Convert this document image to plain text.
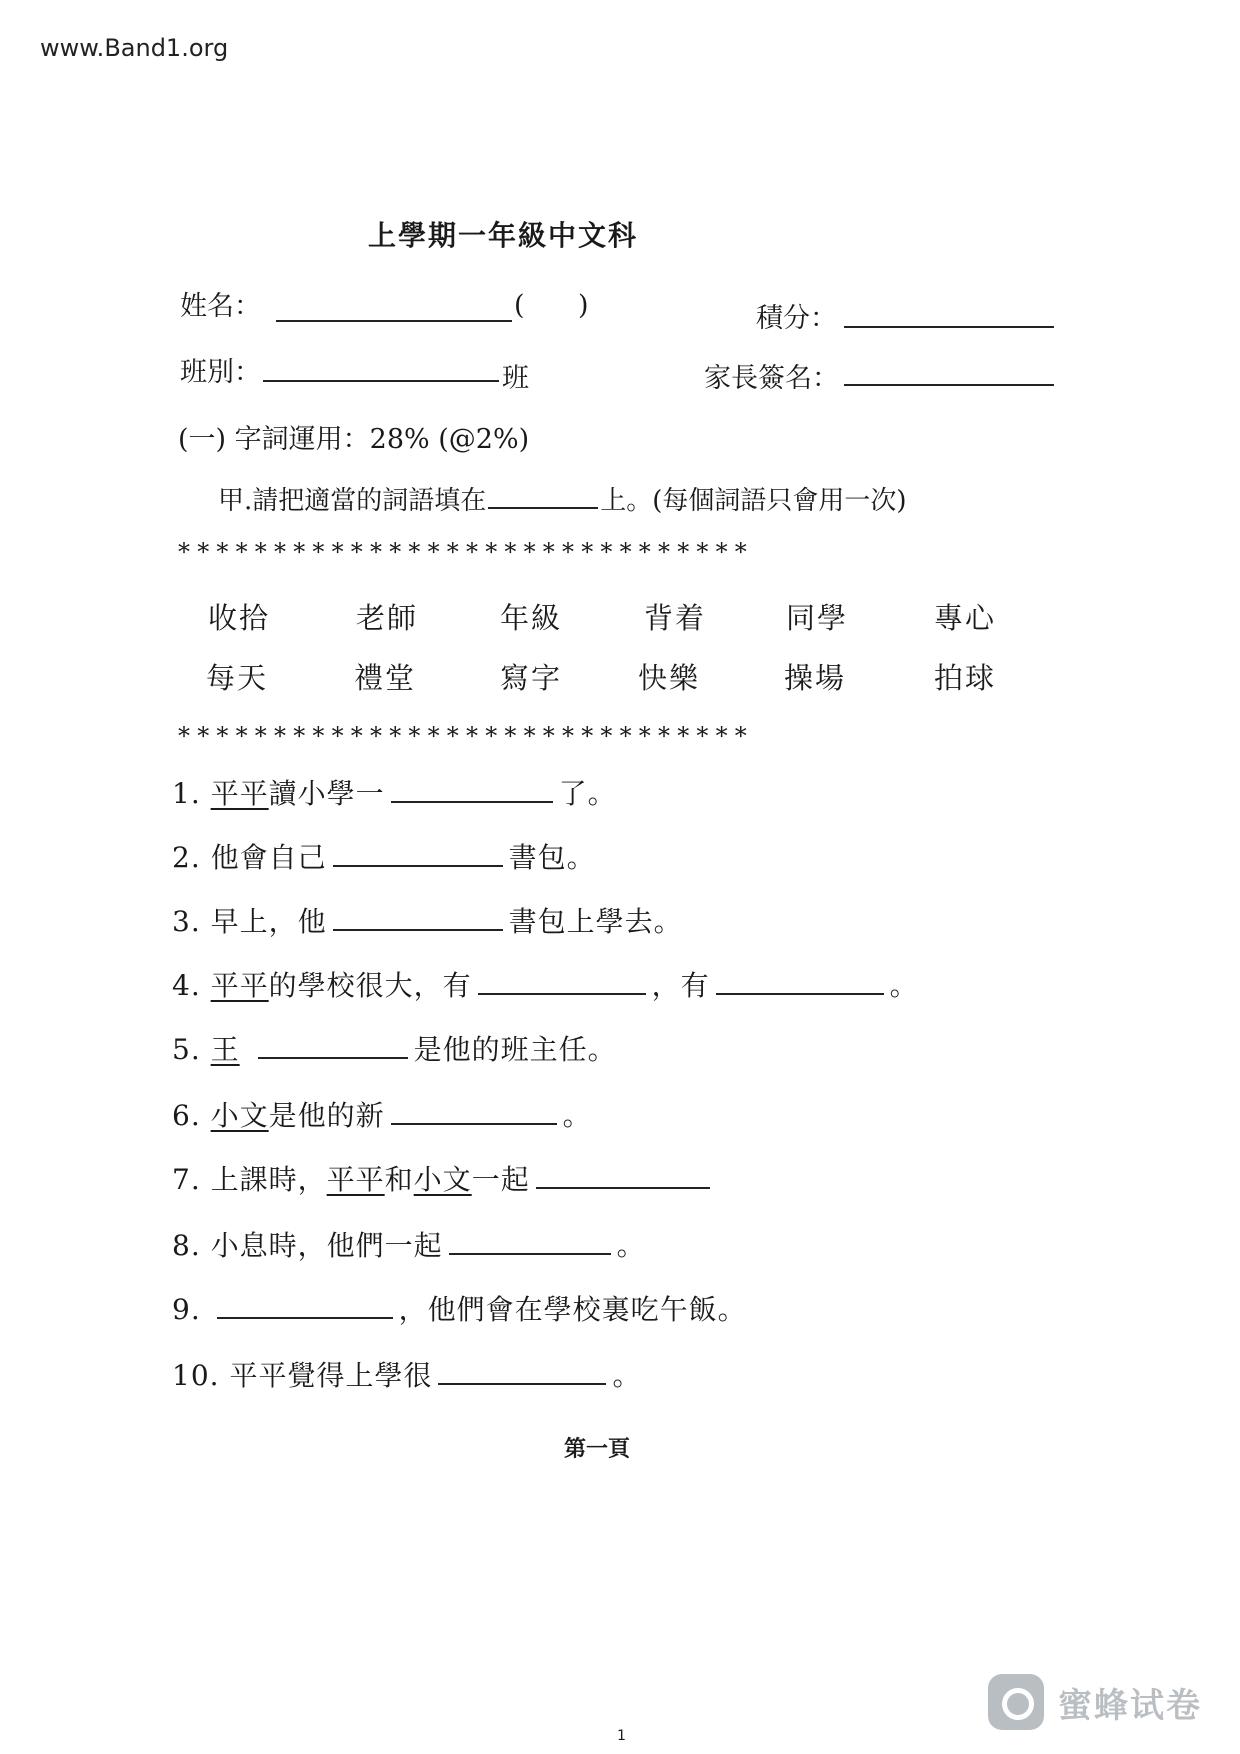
www.Band1.org
上學期一年級中文科
姓名：	( )	積分：
班別：	班	家長簽名：
(一) 字詞運用：28% (@2%)
甲.請把適當的詞語填在	上。(每個詞語只會用一次)
******************************
收拾	老師	年級	背着	同學	專心
每天	禮堂	寫字	快樂	操場	拍球
******************************
1. 平平讀小學一	了。
2. 他會自己	書包。
3. 早上，他	書包上學去。
4. 平平的學校很大，有	，有	。
5. 王	是他的班主任。
6. 小文是他的新	。
7. 上課時，平平和小文一起
8. 小息時，他們一起	。
9.	，他們會在學校裏吃午飯。
10. 平平覺得上學很	。
第一頁
蜜蜂试卷
1
